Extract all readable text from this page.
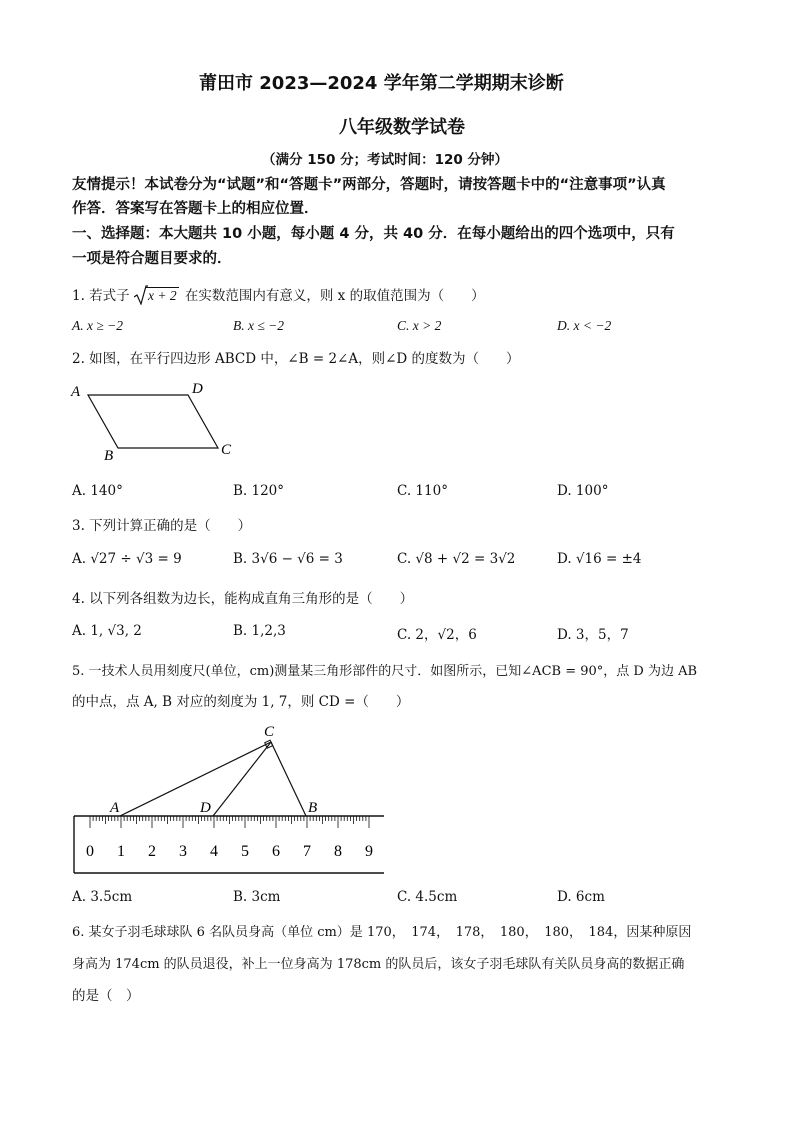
莆田市 2023—2024 学年第二学期期末诊断
八年级数学试卷
（满分 150 分；考试时间：120 分钟）
友情提示！本试卷分为“试题”和“答题卡”两部分，答题时，请按答题卡中的“注意事项”认真
作答．答案写在答题卡上的相应位置．
一、选择题：本大题共 10 小题，每小题 4 分，共 40 分．在每小题给出的四个选项中，只有
一项是符合题目要求的．
1. 若式子 x + 2 在实数范围内有意义，则 x 的取值范围为（　　）
A. x ≥ −2	B. x ≤ −2	C. x > 2	D. x < −2
2. 如图，在平行四边形 ABCD 中，∠B = 2∠A，则∠D 的度数为（　　）
A	D
C
B
A. 140°	B. 120°	C. 110°	D. 100°
3. 下列计算正确的是（　　）
A. √27 ÷ √3 = 9	B. 3√6 − √6 = 3	C. √8 + √2 = 3√2	D. √16 = ±4
4. 以下列各组数为边长，能构成直角三角形的是（　　）
A. 1, √3, 2	B. 1,2,3	C. 2，√2，6	D. 3，5，7
5. 一技术人员用刻度尺(单位，cm)测量某三角形部件的尺寸．如图所示，已知∠ACB = 90°，点 D 为边 AB
的中点，点 A, B 对应的刻度为 1, 7，则 CD =（　　）
C
A	D	B
0 1 2 3 4 5 6 7 8 9
A. 3.5cm	B. 3cm	C. 4.5cm	D. 6cm
6. 某女子羽毛球球队 6 名队员身高（单位 cm）是 170，　174，　178，　180，　180，　184，因某种原因
身高为 174cm 的队员退役，补上一位身高为 178cm 的队员后，该女子羽毛球队有关队员身高的数据正确
的是（　）
